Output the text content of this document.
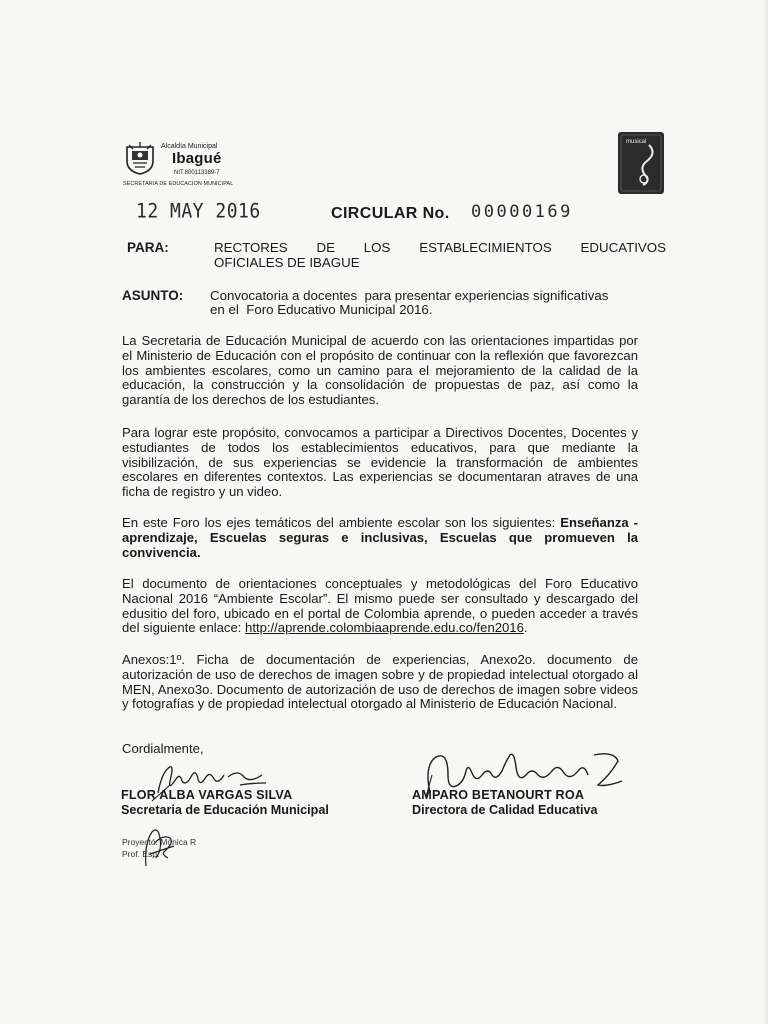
Alcaldía Municipal
Ibagué
NIT.800113389-7
SECRETARIA DE EDUCACION MUNICIPAL
musical
12 MAY 2016	CIRCULAR No. 00000169
PARA:	RECTORES DE LOS ESTABLECIMIENTOS EDUCATIVOS
OFICIALES DE IBAGUE
ASUNTO: Convocatoria a docentes  para presentar experiencias significativas
en el  Foro Educativo Municipal 2016.
La Secretaria de Educación Municipal de acuerdo con las orientaciones impartidas por el Ministerio de Educación con el propósito de continuar con la reflexión que favorezcan los ambientes escolares, como un camino para el mejoramiento de la calidad de la educación, la construcción y la consolidación de propuestas de paz, así como la garantía de los derechos de los estudiantes.
Para lograr este propósito, convocamos a participar a Directivos Docentes, Docentes y estudiantes de todos los establecimientos educativos, para que mediante la visibilización, de sus experiencias se evidencie la transformación de ambientes escolares en diferentes contextos. Las experiencias se documentaran atraves de una ficha de registro y un video.
En este Foro los ejes temáticos del ambiente escolar son los siguientes: Enseñanza - aprendizaje, Escuelas seguras e inclusivas, Escuelas que promueven la convivencia.
El documento de orientaciones conceptuales y metodológicas del Foro Educativo Nacional 2016 “Ambiente Escolar”. El mismo puede ser consultado y descargado del edusitio del foro, ubicado en el portal de Colombia aprende, o pueden acceder a través del siguiente enlace: http://aprende.colombiaaprende.edu.co/fen2016.
Anexos:1º. Ficha de documentación de experiencias, Anexo2o. documento de autorización de uso de derechos de imagen sobre y de propiedad intelectual otorgado al MEN, Anexo3o. Documento de autorización de uso de derechos de imagen sobre videos y fotografías y de propiedad intelectual otorgado al Ministerio de Educación Nacional.
Cordialmente,
FLOR ALBA VARGAS SILVA
Secretaria de Educación Municipal
AMPARO BETANOURT ROA
Directora de Calidad Educativa
Proyectó: Mónica R
Prof. Esp.
